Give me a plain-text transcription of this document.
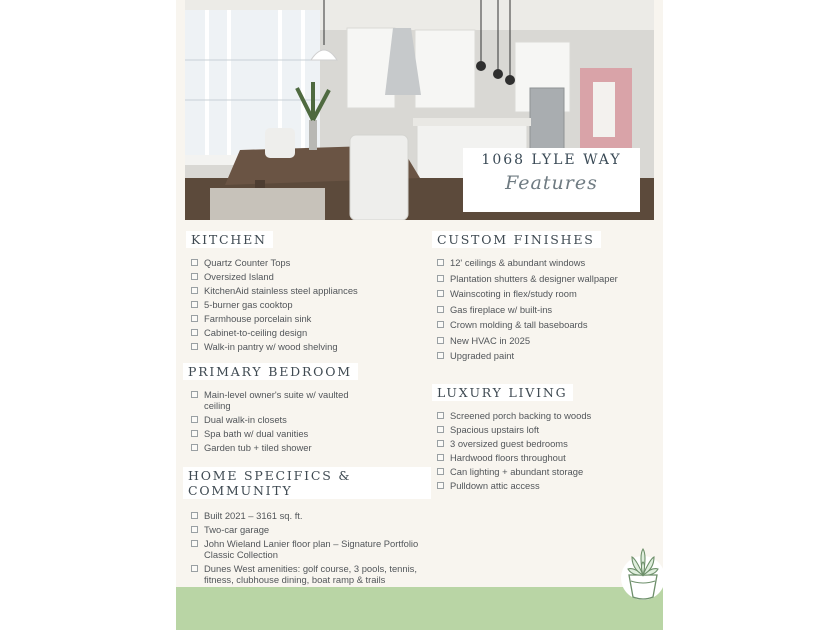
1068 LYLE WAY
Features
KITCHEN
Quartz Counter Tops
Oversized Island
KitchenAid stainless steel appliances
5-burner gas cooktop
Farmhouse porcelain sink
Cabinet-to-ceiling design
Walk-in pantry w/ wood shelving
PRIMARY BEDROOM
Main-level owner's suite w/ vaulted ceiling
Dual walk-in closets
Spa bath w/ dual vanities
Garden tub + tiled shower
HOME SPECIFICS & COMMUNITY
Built 2021 – 3161 sq. ft.
Two-car garage
John Wieland Lanier floor plan – Signature Portfolio Classic Collection
Dunes West amenities: golf course, 3 pools, tennis, fitness, clubhouse dining, boat ramp & trails
CUSTOM FINISHES
12' ceilings & abundant windows
Plantation shutters & designer wallpaper
Wainscoting in flex/study room
Gas fireplace w/ built-ins
Crown molding & tall baseboards
New HVAC in 2025
Upgraded paint
LUXURY LIVING
Screened porch backing to woods
Spacious upstairs loft
3 oversized guest bedrooms
Hardwood floors throughout
Can lighting + abundant storage
Pulldown attic access
